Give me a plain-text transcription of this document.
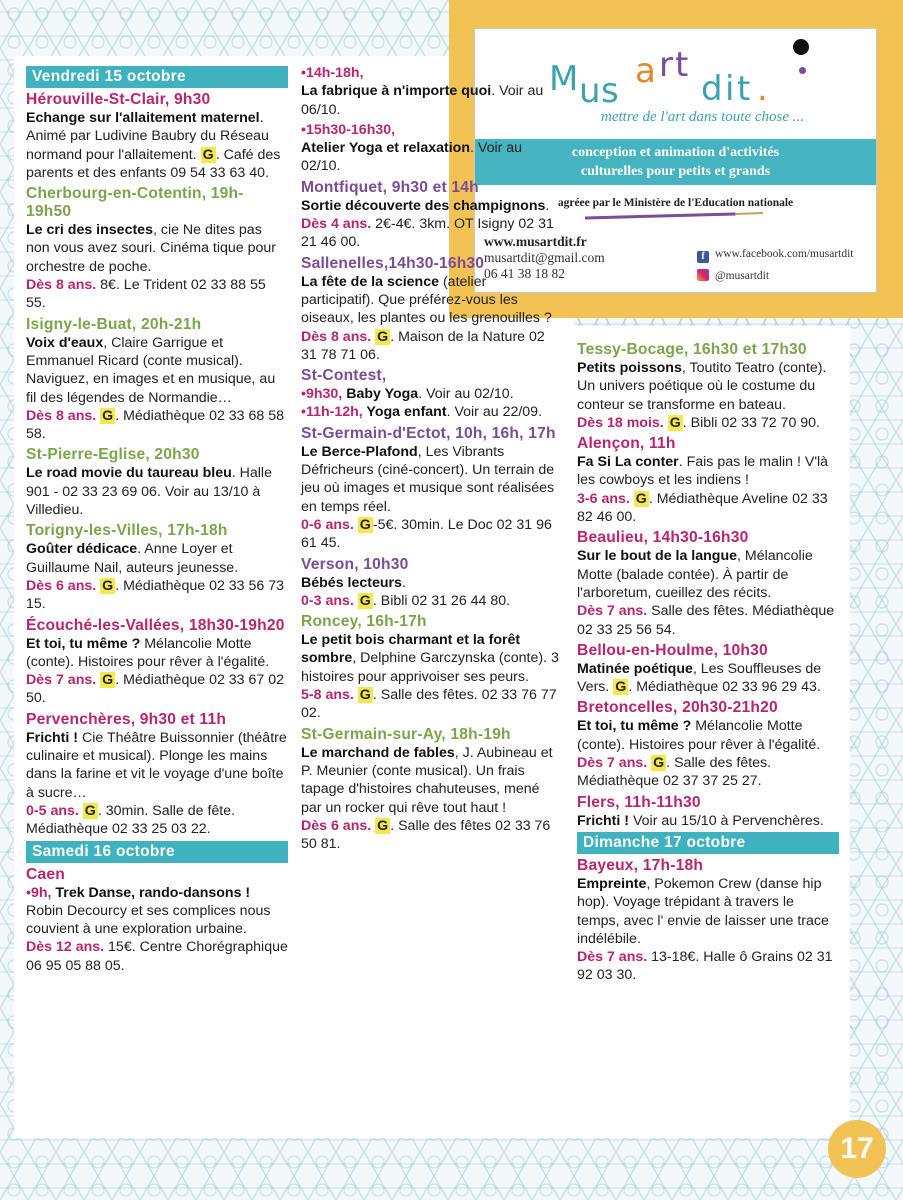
M u s a r t
d i t .
mettre de l'art dans toute chose ...
conception et animation d'activités
culturelles pour petits et grands
agréee par le Ministère de l'Education nationale
www.musartdit.fr
musartdit@gmail.com
06 41 38 18 82
f www.facebook.com/musartdit
@musartdit
Vendredi 15 octobre
Hérouville-St-Clair, 9h30
Echange sur l'allaitement maternel. Animé par Ludivine Baubry du Réseau normand pour l'allaitement. G . Café des parents et des enfants 09 54 33 63 40.
Cherbourg-en-Cotentin, 19h-19h50
Le cri des insectes, cie Ne dites pas non vous avez souri. Cinéma tique pour orchestre de poche.
Dès 8 ans. 8€. Le Trident 02 33 88 55 55.
Isigny-le-Buat, 20h-21h
Voix d'eaux, Claire Garrigue et Emmanuel Ricard (conte musical). Naviguez, en images et en musique, au fil des légendes de Normandie…
Dès 8 ans. G . Médiathèque 02 33 68 58 58.
St-Pierre-Eglise, 20h30
Le road movie du taureau bleu. Halle 901 - 02 33 23 69 06. Voir au 13/10 à Villedieu.
Torigny-les-Villes, 17h-18h
Goûter dédicace. Anne Loyer et Guillaume Nail, auteurs jeunesse.
Dès 6 ans. G . Médiathèque 02 33 56 73 15.
Écouché-les-Vallées, 18h30-19h20
Et toi, tu même ? Mélancolie Motte (conte). Histoires pour rêver à l'égalité.
Dès 7 ans. G . Médiathèque 02 33 67 02 50.
Pervenchères, 9h30 et 11h
Frichti ! Cie Théâtre Buissonnier (théâtre culinaire et musical). Plonge les mains dans la farine et vit le voyage d'une boîte à sucre…
0-5 ans. G . 30min. Salle de fête. Médiathèque 02 33 25 03 22.
Samedi 16 octobre
Caen
•9h, Trek Danse, rando-dansons ! Robin Decourcy et ses complices nous couvient à une exploration urbaine.
Dès 12 ans. 15€. Centre Chorégraphique 06 95 05 88 05.
•14h-18h,
La fabrique à n'importe quoi. Voir au 06/10.
•15h30-16h30,
Atelier Yoga et relaxation. Voir au 02/10.
Montfiquet, 9h30 et 14h
Sortie découverte des champignons.
Dès 4 ans. 2€-4€. 3km. OT Isigny 02 31 21 46 00.
Sallenelles,14h30-16h30
La fête de la science (atelier participatif). Que préférez-vous les oiseaux, les plantes ou les grenouilles ?
Dès 8 ans. G . Maison de la Nature 02 31 78 71 06.
St-Contest,
•9h30, Baby Yoga. Voir au 02/10.
•11h-12h, Yoga enfant. Voir au 22/09.
St-Germain-d'Ectot, 10h, 16h, 17h
Le Berce-Plafond, Les Vibrants Défricheurs (ciné-concert). Un terrain de jeu où images et musique sont réalisées en temps réel.
0-6 ans. G -5€. 30min. Le Doc 02 31 96 61 45.
Verson, 10h30
Bébés lecteurs.
0-3 ans. G . Bibli 02 31 26 44 80.
Roncey, 16h-17h
Le petit bois charmant et la forêt sombre, Delphine Garczynska (conte). 3 histoires pour apprivoiser ses peurs.
5-8 ans. G . Salle des fêtes. 02 33 76 77 02.
St-Germain-sur-Ay, 18h-19h
Le marchand de fables, J. Aubineau et P. Meunier (conte musical). Un frais tapage d'histoires chahuteuses, mené par un rocker qui rêve tout haut !
Dès 6 ans. G . Salle des fêtes 02 33 76 50 81.
Tessy-Bocage, 16h30 et 17h30
Petits poissons, Toutito Teatro (conte). Un univers poétique où le costume du conteur se transforme en bateau.
Dès 18 mois. G . Bibli 02 33 72 70 90.
Alençon, 11h
Fa Si La conter. Fais pas le malin ! V'là les cowboys et les indiens !
3-6 ans. G . Médiathèque Aveline 02 33 82 46 00.
Beaulieu, 14h30-16h30
Sur le bout de la langue, Mélancolie Motte (balade contée). À partir de l'arboretum, cueillez des récits.
Dès 7 ans. Salle des fêtes. Médiathèque 02 33 25 56 54.
Bellou-en-Houlme, 10h30
Matinée poétique, Les Souffleuses de Vers. G . Médiathèque 02 33 96 29 43.
Bretoncelles, 20h30-21h20
Et toi, tu même ? Mélancolie Motte (conte). Histoires pour rêver à l'égalité.
Dès 7 ans. G . Salle des fêtes. Médiathèque 02 37 37 25 27.
Flers, 11h-11h30
Frichti ! Voir au 15/10 à Pervenchères.
Dimanche 17 octobre
Bayeux, 17h-18h
Empreinte, Pokemon Crew (danse hip hop). Voyage trépidant à travers le temps, avec l' envie de laisser une trace indélébile.
Dès 7 ans. 13-18€. Halle ô Grains 02 31 92 03 30.
17
